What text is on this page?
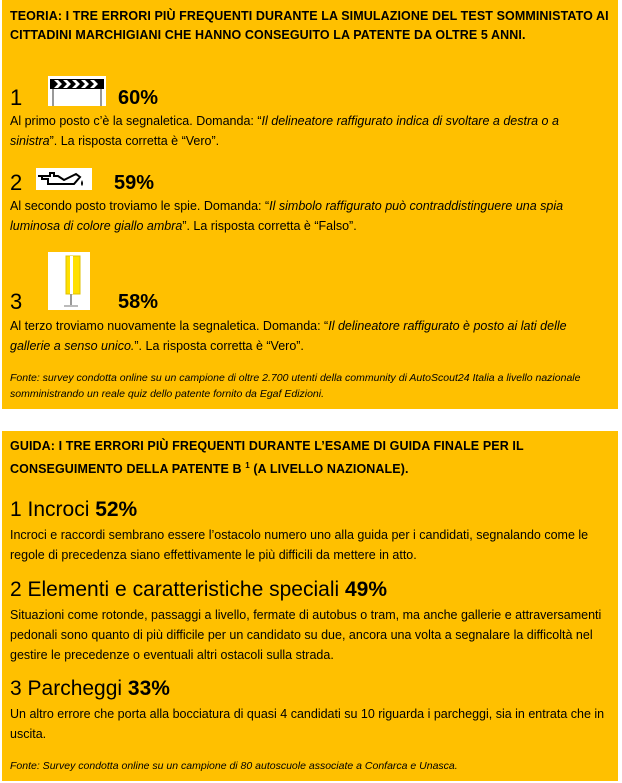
TEORIA: I TRE ERRORI PIÙ FREQUENTI DURANTE LA SIMULAZIONE DEL TEST SOMMINISTATO AI CITTADINI MARCHIGIANI CHE HANNO CONSEGUITO LA PATENTE DA OLTRE 5 ANNI.
1	60%
Al primo posto c’è la segnaletica. Domanda: “Il delineatore raffigurato indica di svoltare a destra o a sinistra”. La risposta corretta è “Vero”.
2	59%
Al secondo posto troviamo le spie. Domanda: “Il simbolo raffigurato può contraddistinguere una spia luminosa di colore giallo ambra”. La risposta corretta è “Falso”.
3	58%
Al terzo troviamo nuovamente la segnaletica. Domanda: “Il delineatore raffigurato è posto ai lati delle gallerie a senso unico.”. La risposta corretta è “Vero”.
Fonte: survey condotta online su un campione di oltre 2.700 utenti della community di AutoScout24 Italia a livello nazionale somministrando un reale quiz dello patente fornito da Egaf Edizioni.
GUIDA: I TRE ERRORI PIÙ FREQUENTI DURANTE L’ESAME DI GUIDA FINALE PER IL CONSEGUIMENTO DELLA PATENTE B $^1$ (A LIVELLO NAZIONALE).
1 Incroci 52%
Incroci e raccordi sembrano essere l’ostacolo numero uno alla guida per i candidati, segnalando come le regole di precedenza siano effettivamente le più difficili da mettere in atto.
2 Elementi e caratteristiche speciali 49%
Situazioni come rotonde, passaggi a livello, fermate di autobus o tram, ma anche gallerie e attraversamenti pedonali sono quanto di più difficile per un candidato su due, ancora una volta a segnalare la difficoltà nel gestire le precedenze o eventuali altri ostacoli sulla strada.
3 Parcheggi 33%
Un altro errore che porta alla bocciatura di quasi 4 candidati su 10 riguarda i parcheggi, sia in entrata che in uscita.
Fonte: Survey condotta online su un campione di 80 autoscuole associate a Confarca e Unasca.
